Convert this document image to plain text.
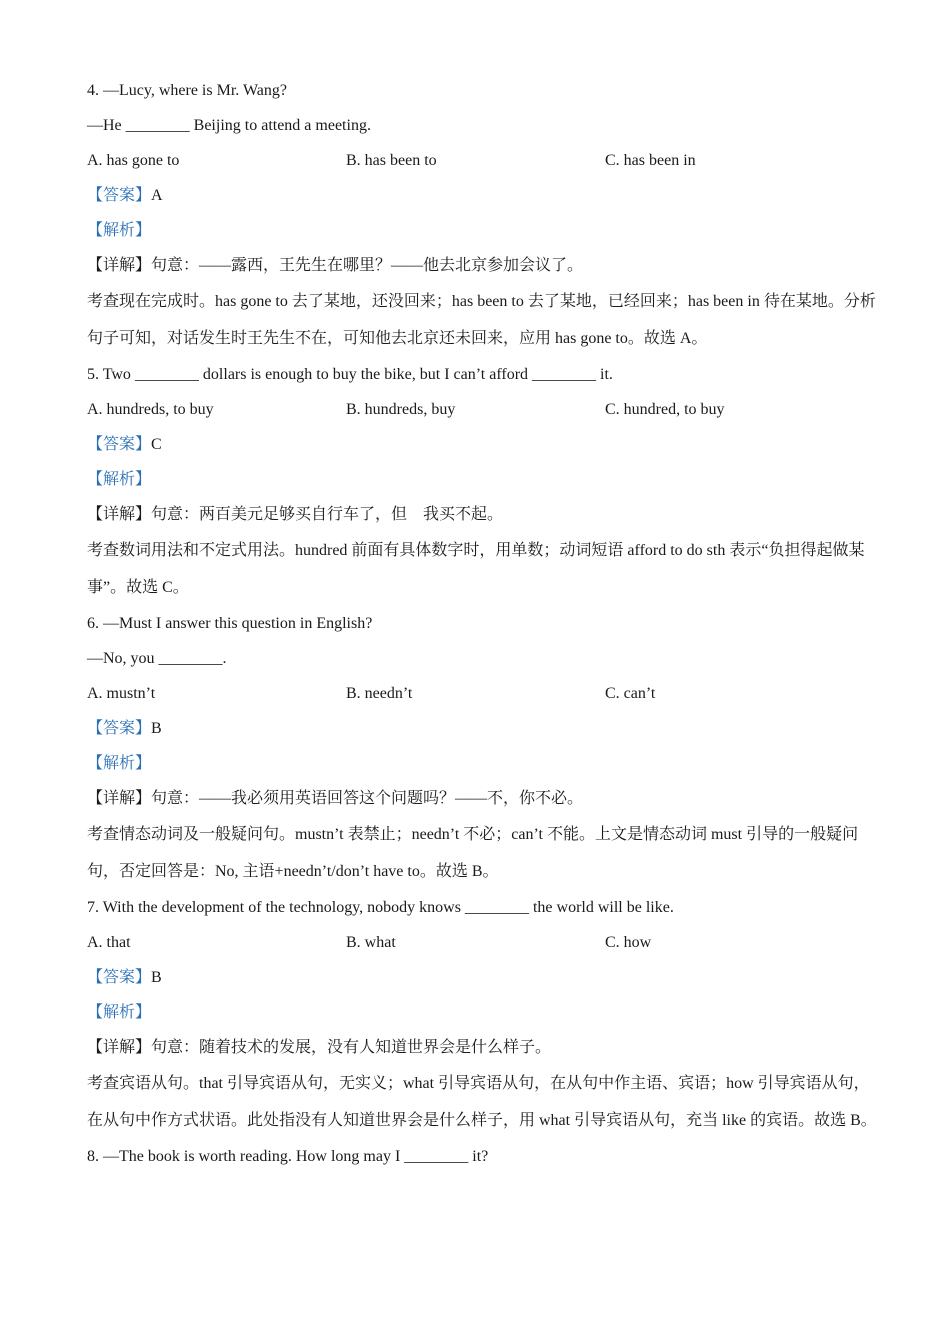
4. —Lucy, where is Mr. Wang?
—He ________ Beijing to attend a meeting.
A. has gone to	B. has been to	C. has been in
【答案】A
【解析】
【详解】句意：——露西，王先生在哪里？——他去北京参加会议了。
考查现在完成时。has gone to 去了某地，还没回来；has been to 去了某地，已经回来；has been in 待在某地。分析句子可知，对话发生时王先生不在，可知他去北京还未回来，应用 has gone to。故选 A。
5. Two ________ dollars is enough to buy the bike, but I can’t afford ________ it.
A. hundreds, to buy	B. hundreds, buy	C. hundred, to buy
【答案】C
【解析】
【详解】句意：两百美元足够买自行车了，但　我买不起。
考查数词用法和不定式用法。hundred 前面有具体数字时，用单数；动词短语 afford to do sth 表示“负担得起做某事”。故选 C。
6. —Must I answer this question in English?
—No, you ________.
A. mustn’t	B. needn’t	C. can’t
【答案】B
【解析】
【详解】句意：——我必须用英语回答这个问题吗？——不，你不必。
考查情态动词及一般疑问句。mustn’t 表禁止；needn’t 不必；can’t 不能。上文是情态动词 must 引导的一般疑问句，否定回答是：No, 主语+needn’t/don’t have to。故选 B。
7. With the development of the technology, nobody knows ________ the world will be like.
A. that	B. what	C. how
【答案】B
【解析】
【详解】句意：随着技术的发展，没有人知道世界会是什么样子。
考查宾语从句。that 引导宾语从句，无实义；what 引导宾语从句，在从句中作主语、宾语；how 引导宾语从句，在从句中作方式状语。此处指没有人知道世界会是什么样子，用 what 引导宾语从句，充当 like 的宾语。故选 B。
8. —The book is worth reading. How long may I ________ it?
